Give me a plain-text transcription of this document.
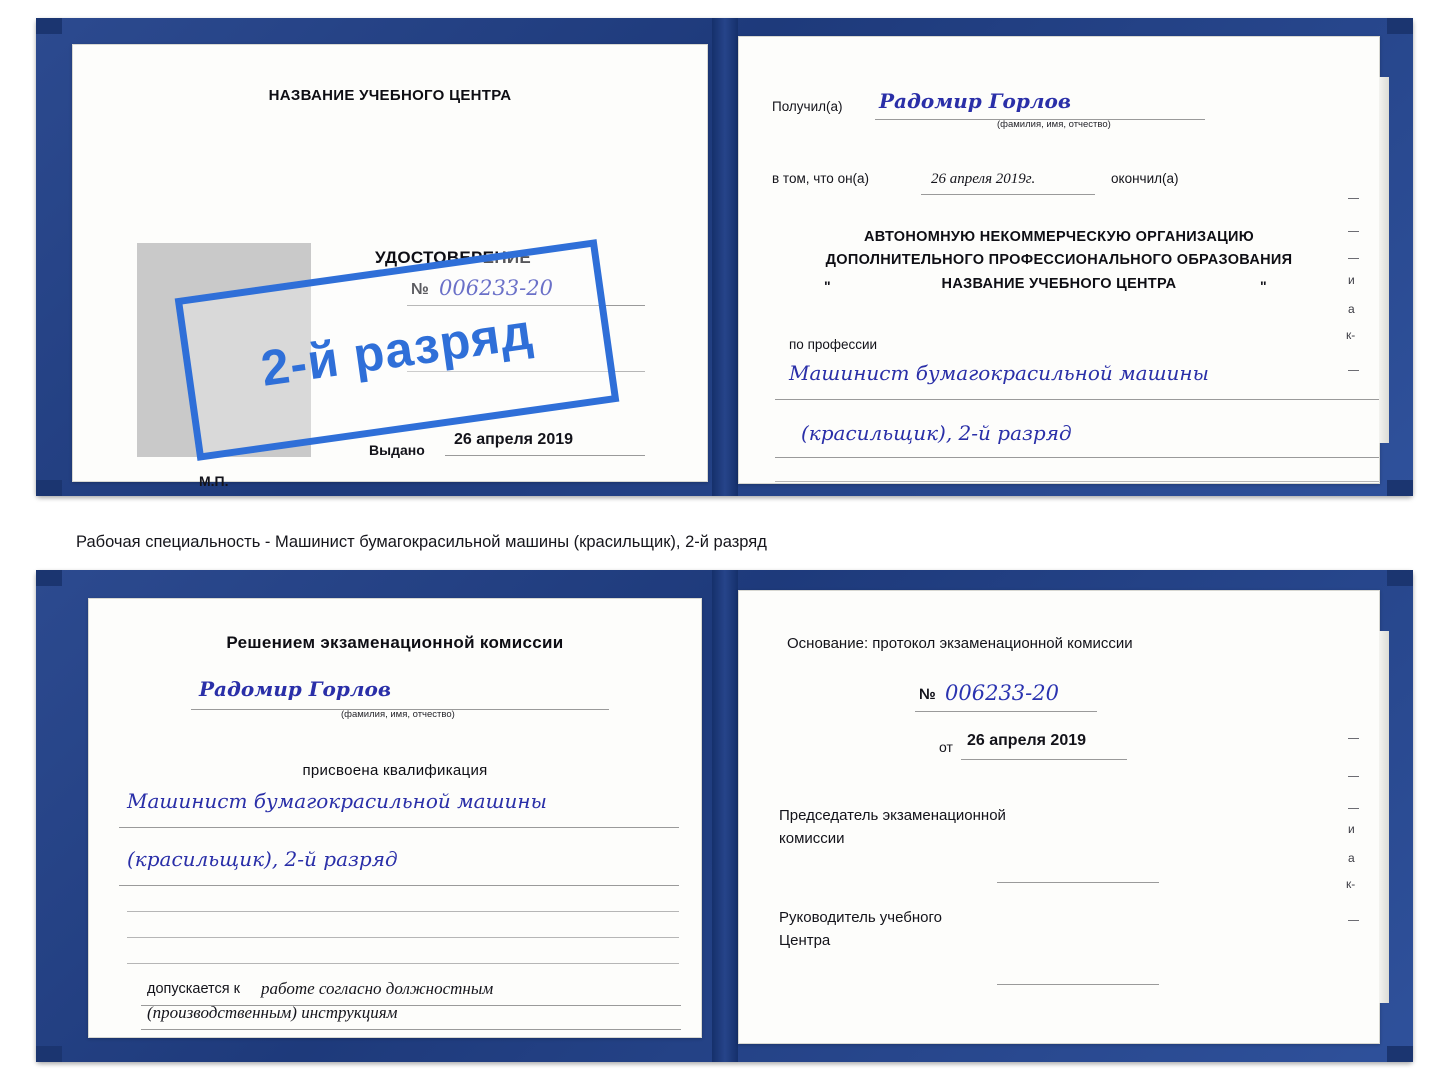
НАЗВАНИЕ УЧЕБНОГО ЦЕНТРА
УДОСТОВЕРЕНИЕ
№ 006233-20
Выдано
26 апреля 2019
М.П.
Получил(а) Радомир Горлов
(фамилия, имя, отчество)
в том, что он(а)	26 апреля 2019г.	окончил(а)
АВТОНОМНУЮ НЕКОММЕРЧЕСКУЮ ОРГАНИЗАЦИЮ
ДОПОЛНИТЕЛЬНОГО ПРОФЕССИОНАЛЬНОГО ОБРАЗОВАНИЯ
"	НАЗВАНИЕ УЧЕБНОГО ЦЕНТРА	"
по профессии
Машинист бумагокрасильной машины
(красильщик), 2-й разряд
и
а
к-
2-й разряд
Рабочая специальность - Машинист бумагокрасильной машины (красильщик), 2-й разряд
Решением экзаменационной комиссии
Радомир Горлов
(фамилия, имя, отчество)
присвоена квалификация
Машинист бумагокрасильной машины
(красильщик), 2-й разряд
допускается к работе согласно должностным
(производственным) инструкциям
Основание: протокол экзаменационной комиссии
№ 006233-20
от 26 апреля 2019
Председатель экзаменационной
комиссии
Руководитель учебного
Центра
и
а
к-
